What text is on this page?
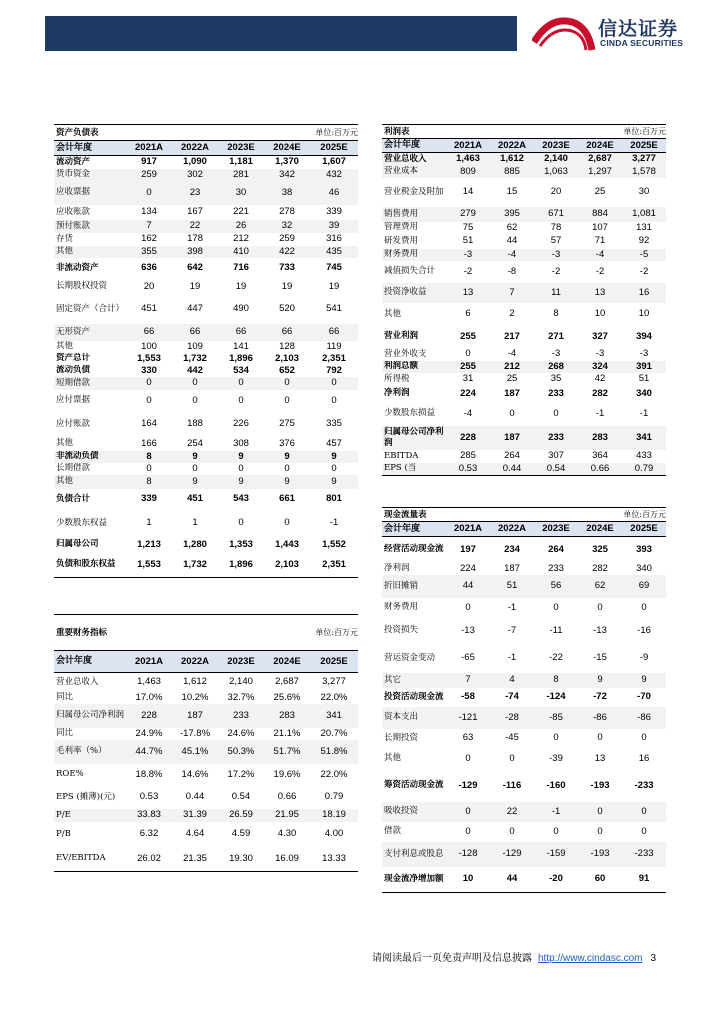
信达证券
CINDA SECURITIES
资产负债表				单位:百万元	
会计年度	2021A	2022A	2023E	2024E	2025E
流动资产	917	1,090	1,181	1,370	1,607
货币资金	259	302	281	342	432
应收票据	0	23	30	38	46
应收账款	134	167	221	278	339
预付账款	7	22	26	32	39
存货	162	178	212	259	316
其他	355	398	410	422	435
非流动资产	636	642	716	733	745
长期股权投资	20	19	19	19	19
固定资产（合计）	451	447	490	520	541
无形资产	66	66	66	66	66
其他	100	109	141	128	119
资产总计	1,553	1,732	1,896	2,103	2,351
流动负债	330	442	534	652	792
短期借款	0	0	0	0	0
应付票据	0	0	0	0	0
应付账款	164	188	226	275	335
其他	166	254	308	376	457
非流动负债	8	9	9	9	9
长期借款	0	0	0	0	0
其他	8	9	9	9	9
负债合计	339	451	543	661	801
少数股东权益	1	1	0	0	-1
归属母公司	1,213	1,280	1,353	1,443	1,552
负债和股东权益	1,553	1,732	1,896	2,103	2,351
重要财务指标				单位:百万元	
会计年度	2021A	2022A	2023E	2024E	2025E
营业总收入	1,463	1,612	2,140	2,687	3,277
同比	17.0%	10.2%	32.7%	25.6%	22.0%
归属母公司净利润	228	187	233	283	341
同比	24.9%	-17.8%	24.6%	21.1%	20.7%
毛利率（%）	44.7%	45.1%	50.3%	51.7%	51.8%
ROE%	18.8%	14.6%	17.2%	19.6%	22.0%
EPS (摊薄)(元)	0.53	0.44	0.54	0.66	0.79
P/E	33.83	31.39	26.59	21.95	18.19
P/B	6.32	4.64	4.59	4.30	4.00
EV/EBITDA	26.02	21.35	19.30	16.09	13.33
利润表				单位:百万元	
会计年度	2021A	2022A	2023E	2024E	2025E
营业总收入	1,463	1,612	2,140	2,687	3,277
营业成本	809	885	1,063	1,297	1,578
营业税金及附加	14	15	20	25	30
销售费用	279	395	671	884	1,081
管理费用	75	62	78	107	131
研发费用	51	44	57	71	92
财务费用	-3	-4	-3	-4	-5
减值损失合计	-2	-8	-2	-2	-2
投资净收益	13	7	11	13	16
其他	6	2	8	10	10
营业利润	255	217	271	327	394
营业外收支	0	-4	-3	-3	-3
利润总额	255	212	268	324	391
所得税	31	25	35	42	51
净利润	224	187	233	282	340
少数股东损益	-4	0	0	-1	-1
归属母公司净利润	228	187	233	283	341
EBITDA	285	264	307	364	433
EPS (当	0.53	0.44	0.54	0.66	0.79
现金流量表				单位:百万元	
会计年度	2021A	2022A	2023E	2024E	2025E
经营活动现金流	197	234	264	325	393
净利润	224	187	233	282	340
折旧摊销	44	51	56	62	69
财务费用	0	-1	0	0	0
投资损失	-13	-7	-11	-13	-16
营运资金变动	-65	-1	-22	-15	-9
其它	7	4	8	9	9
投资活动现金流	-58	-74	-124	-72	-70
资本支出	-121	-28	-85	-86	-86
长期投资	63	-45	0	0	0
其他	0	0	-39	13	16
筹资活动现金流	-129	-116	-160	-193	-233
吸收投资	0	22	-1	0	0
借款	0	0	0	0	0
支付利息或股息	-128	-129	-159	-193	-233
现金流净增加额	10	44	-20	60	91
请阅读最后一页免责声明及信息披露 http://www.cindasc.com 3
